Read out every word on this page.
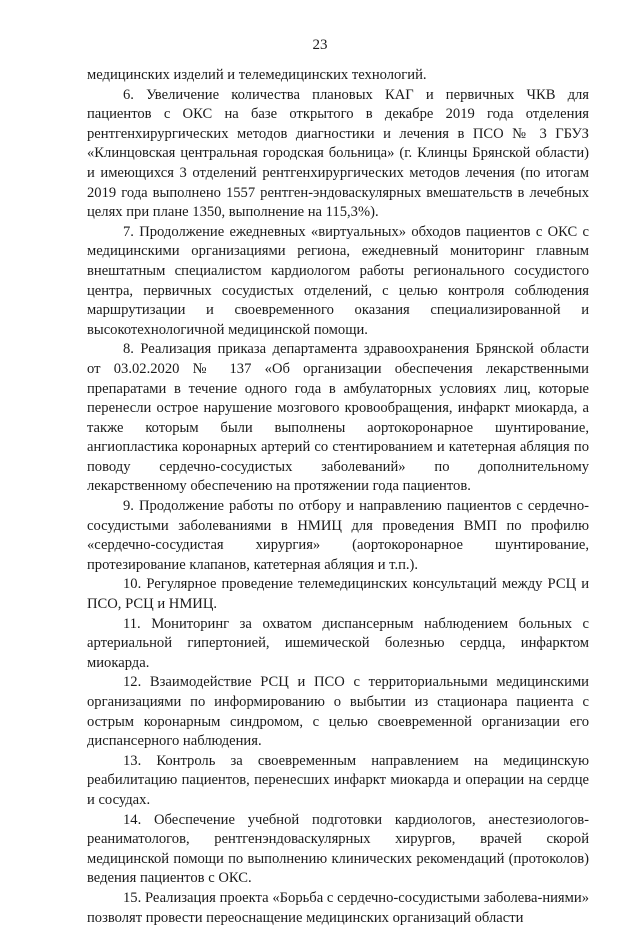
23

медицинских изделий и телемедицинских технологий.

6. Увеличение количества плановых КАГ и первичных ЧКВ для пациентов с ОКС на базе открытого в декабре 2019 года отделения рентгенхирургических методов диагностики и лечения в ПСО № 3 ГБУЗ «Клинцовская центральная городская больница» (г. Клинцы Брянской области) и имеющихся 3 отделений рентгенхирургических методов лечения (по итогам 2019 года выполнено 1557 рентген-эндоваскулярных вмешательств в лечебных целях при плане 1350, выполнение на 115,3%).

7. Продолжение ежедневных «виртуальных» обходов пациентов с ОКС с медицинскими организациями региона, ежедневный мониторинг главным внештатным специалистом кардиологом работы регионального сосудистого центра, первичных сосудистых отделений, с целью контроля соблюдения маршрутизации и своевременного оказания специализированной и высокотехнологичной медицинской помощи.

8. Реализация приказа департамента здравоохранения Брянской области от 03.02.2020 № 137 «Об организации обеспечения лекарственными препаратами в течение одного года в амбулаторных условиях лиц, которые перенесли острое нарушение мозгового кровообращения, инфаркт миокарда, а также которым были выполнены аортокоронарное шунтирование, ангиопластика коронарных артерий со стентированием и катетерная абляция по поводу сердечно-сосудистых заболеваний» по дополнительному лекарственному обеспечению на протяжении года пациентов.

9. Продолжение работы по отбору и направлению пациентов с сердечно-сосудистыми заболеваниями в НМИЦ для проведения ВМП по профилю «сердечно-сосудистая хирургия» (аортокоронарное шунтирование, протезирование клапанов, катетерная абляция и т.п.).

10. Регулярное проведение телемедицинских консультаций между РСЦ и ПСО, РСЦ и НМИЦ.

11. Мониторинг за охватом диспансерным наблюдением больных с артериальной гипертонией, ишемической болезнью сердца, инфарктом миокарда.

12. Взаимодействие РСЦ и ПСО с территориальными медицинскими организациями по информированию о выбытии из стационара пациента с острым коронарным синдромом, с целью своевременной организации его диспансерного наблюдения.

13. Контроль за своевременным направлением на медицинскую реабилитацию пациентов, перенесших инфаркт миокарда и операции на сердце и сосудах.

14. Обеспечение учебной подготовки кардиологов, анестезиологов-реаниматологов, рентгенэндоваскулярных хирургов, врачей скорой медицинской помощи по выполнению клинических рекомендаций (протоколов) ведения пациентов с ОКС.

15. Реализация проекта «Борьба с сердечно-сосудистыми заболева-ниями» позволят провести переоснащение медицинских организаций области
